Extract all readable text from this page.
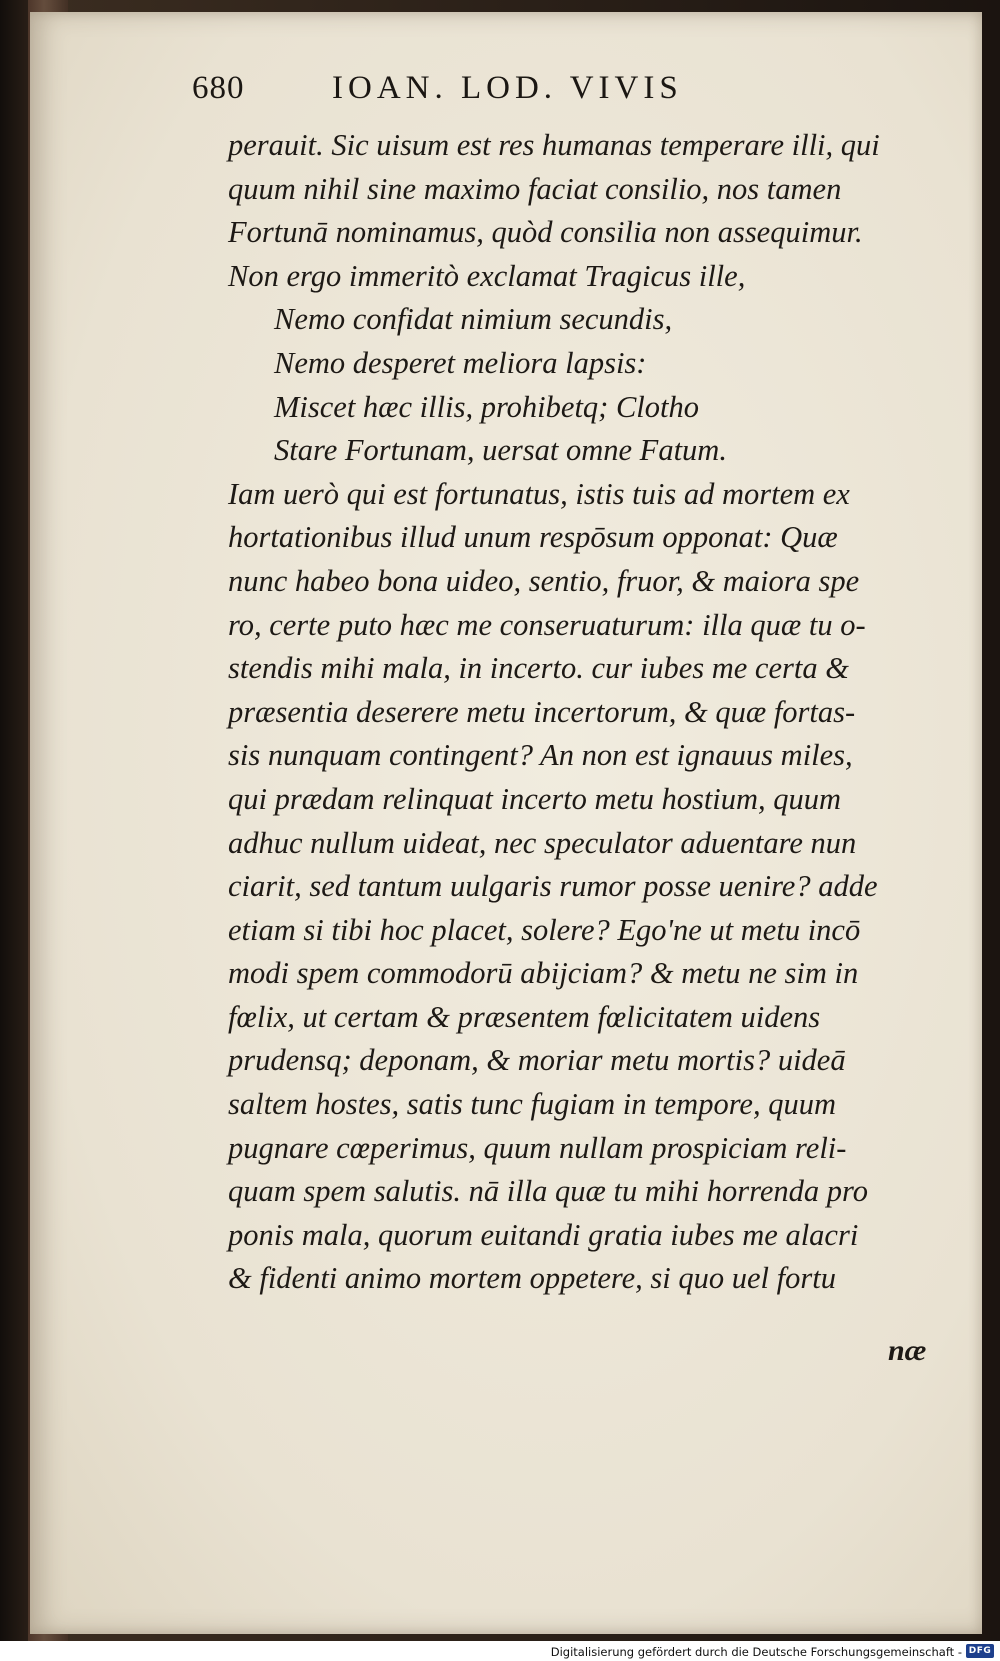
680	IOAN. LOD. VIVIS
perauit. Sic uisum est res humanas temperare illi, qui
quum nihil sine maximo faciat consilio, nos tamen
Fortunā nominamus, quòd consilia non assequimur.
Non ergo immeritò exclamat Tragicus ille,
Nemo confidat nimium secundis,
Nemo desperet meliora lapsis:
Miscet hæc illis, prohibetq; Clotho
Stare Fortunam, uersat omne Fatum.
Iam uerò qui est fortunatus, istis tuis ad mortem ex
hortationibus illud unum respōsum opponat: Quæ
nunc habeo bona uideo, sentio, fruor, & maiora spe
ro, certe puto hæc me conseruaturum: illa quæ tu o-
stendis mihi mala, in incerto. cur iubes me certa &
præsentia deserere metu incertorum, & quæ fortas-
sis nunquam contingent? An non est ignauus miles,
qui prædam relinquat incerto metu hostium, quum
adhuc nullum uideat, nec speculator aduentare nun
ciarit, sed tantum uulgaris rumor posse uenire? adde
etiam si tibi hoc placet, solere? Ego'ne ut metu incō
modi spem commodorū abijciam? & metu ne sim in
fœlix, ut certam & præsentem fœlicitatem uidens
prudensq; deponam, & moriar metu mortis? uideā
saltem hostes, satis tunc fugiam in tempore, quum
pugnare cœperimus, quum nullam prospiciam reli-
quam spem salutis. nā illa quæ tu mihi horrenda pro
ponis mala, quorum euitandi gratia iubes me alacri
& fidenti animo mortem oppetere, si quo uel fortu
næ
Digitalisierung gefördert durch die Deutsche Forschungsgemeinschaft - DFG
